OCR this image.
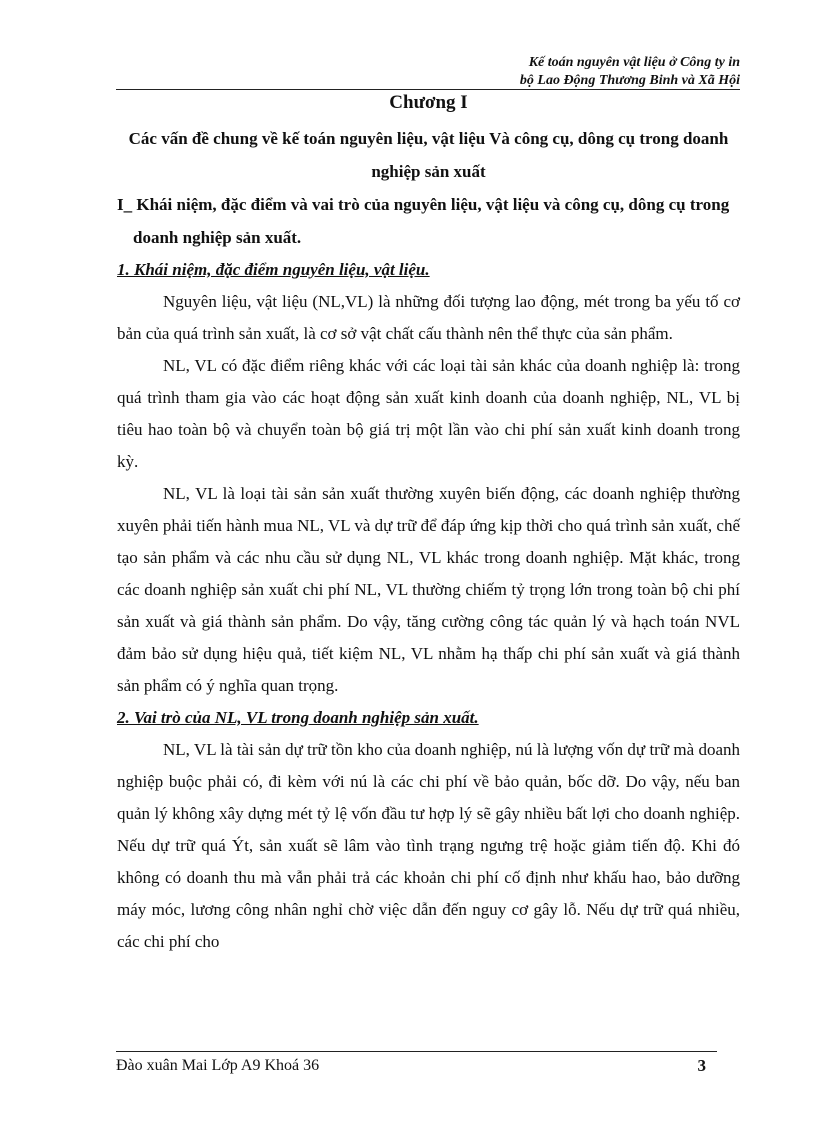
Kế toán nguyên vật liệu ở Công ty in
bộ Lao Động Thương Binh và Xã Hội

Chương I

Các vấn đề chung về kế toán nguyên liệu, vật liệu Và công cụ, dông cụ trong doanh nghiệp sản xuất

I_ Khái niệm, đặc điểm và vai trò của nguyên liệu, vật liệu và công cụ, dông cụ trong doanh nghiệp sản xuất.

1. Khái niệm, đặc điểm nguyên liệu, vật liệu.

Nguyên liệu, vật liệu (NL,VL) là những đối tượng lao động, mét trong ba yếu tố cơ bản của quá trình sản xuất, là cơ sở vật chất cấu thành nên thể thực của sản phẩm.

NL, VL có đặc điểm riêng khác với các loại tài sản khác của doanh nghiệp là: trong quá trình tham gia vào các hoạt động sản xuất kinh doanh của doanh nghiệp, NL, VL bị tiêu hao toàn bộ và chuyển toàn bộ giá trị một lần vào chi phí sản xuất kinh doanh trong kỳ.

NL, VL là loại tài sản sản xuất thường xuyên biến động, các doanh nghiệp thường xuyên phải tiến hành mua NL, VL và dự trữ để đáp ứng kịp thời cho quá trình sản xuất, chế tạo sản phẩm và các nhu cầu sử dụng NL, VL khác trong doanh nghiệp. Mặt khác, trong các doanh nghiệp sản xuất chi phí NL, VL thường chiếm tỷ trọng lớn trong toàn bộ chi phí sản xuất và giá thành sản phẩm. Do vậy, tăng cường công tác quản lý và hạch toán NVL đảm bảo sử dụng hiệu quả, tiết kiệm NL, VL nhằm hạ thấp chi phí sản xuất và giá thành sản phẩm có ý nghĩa quan trọng.

2. Vai trò của NL, VL trong doanh nghiệp sản xuất.

NL, VL là tài sản dự trữ tồn kho của doanh nghiệp, nú là lượng vốn dự trữ mà doanh nghiệp buộc phải có, đi kèm với nú là các chi phí về bảo quản, bốc dỡ. Do vậy, nếu ban quản lý không xây dựng mét tỷ lệ vốn đầu tư hợp lý sẽ gây nhiều bất lợi cho doanh nghiệp. Nếu dự trữ quá Ýt, sản xuất sẽ lâm vào tình trạng ngưng trệ hoặc giảm tiến độ. Khi đó không có doanh thu mà vẫn phải trả các khoản chi phí cố định như khấu hao, bảo dưỡng máy móc, lương công nhân nghỉ chờ việc dẫn đến nguy cơ gây lỗ. Nếu dự trữ quá nhiều, các chi phí cho

Đào xuân Mai Lớp A9 Khoá 36	3
